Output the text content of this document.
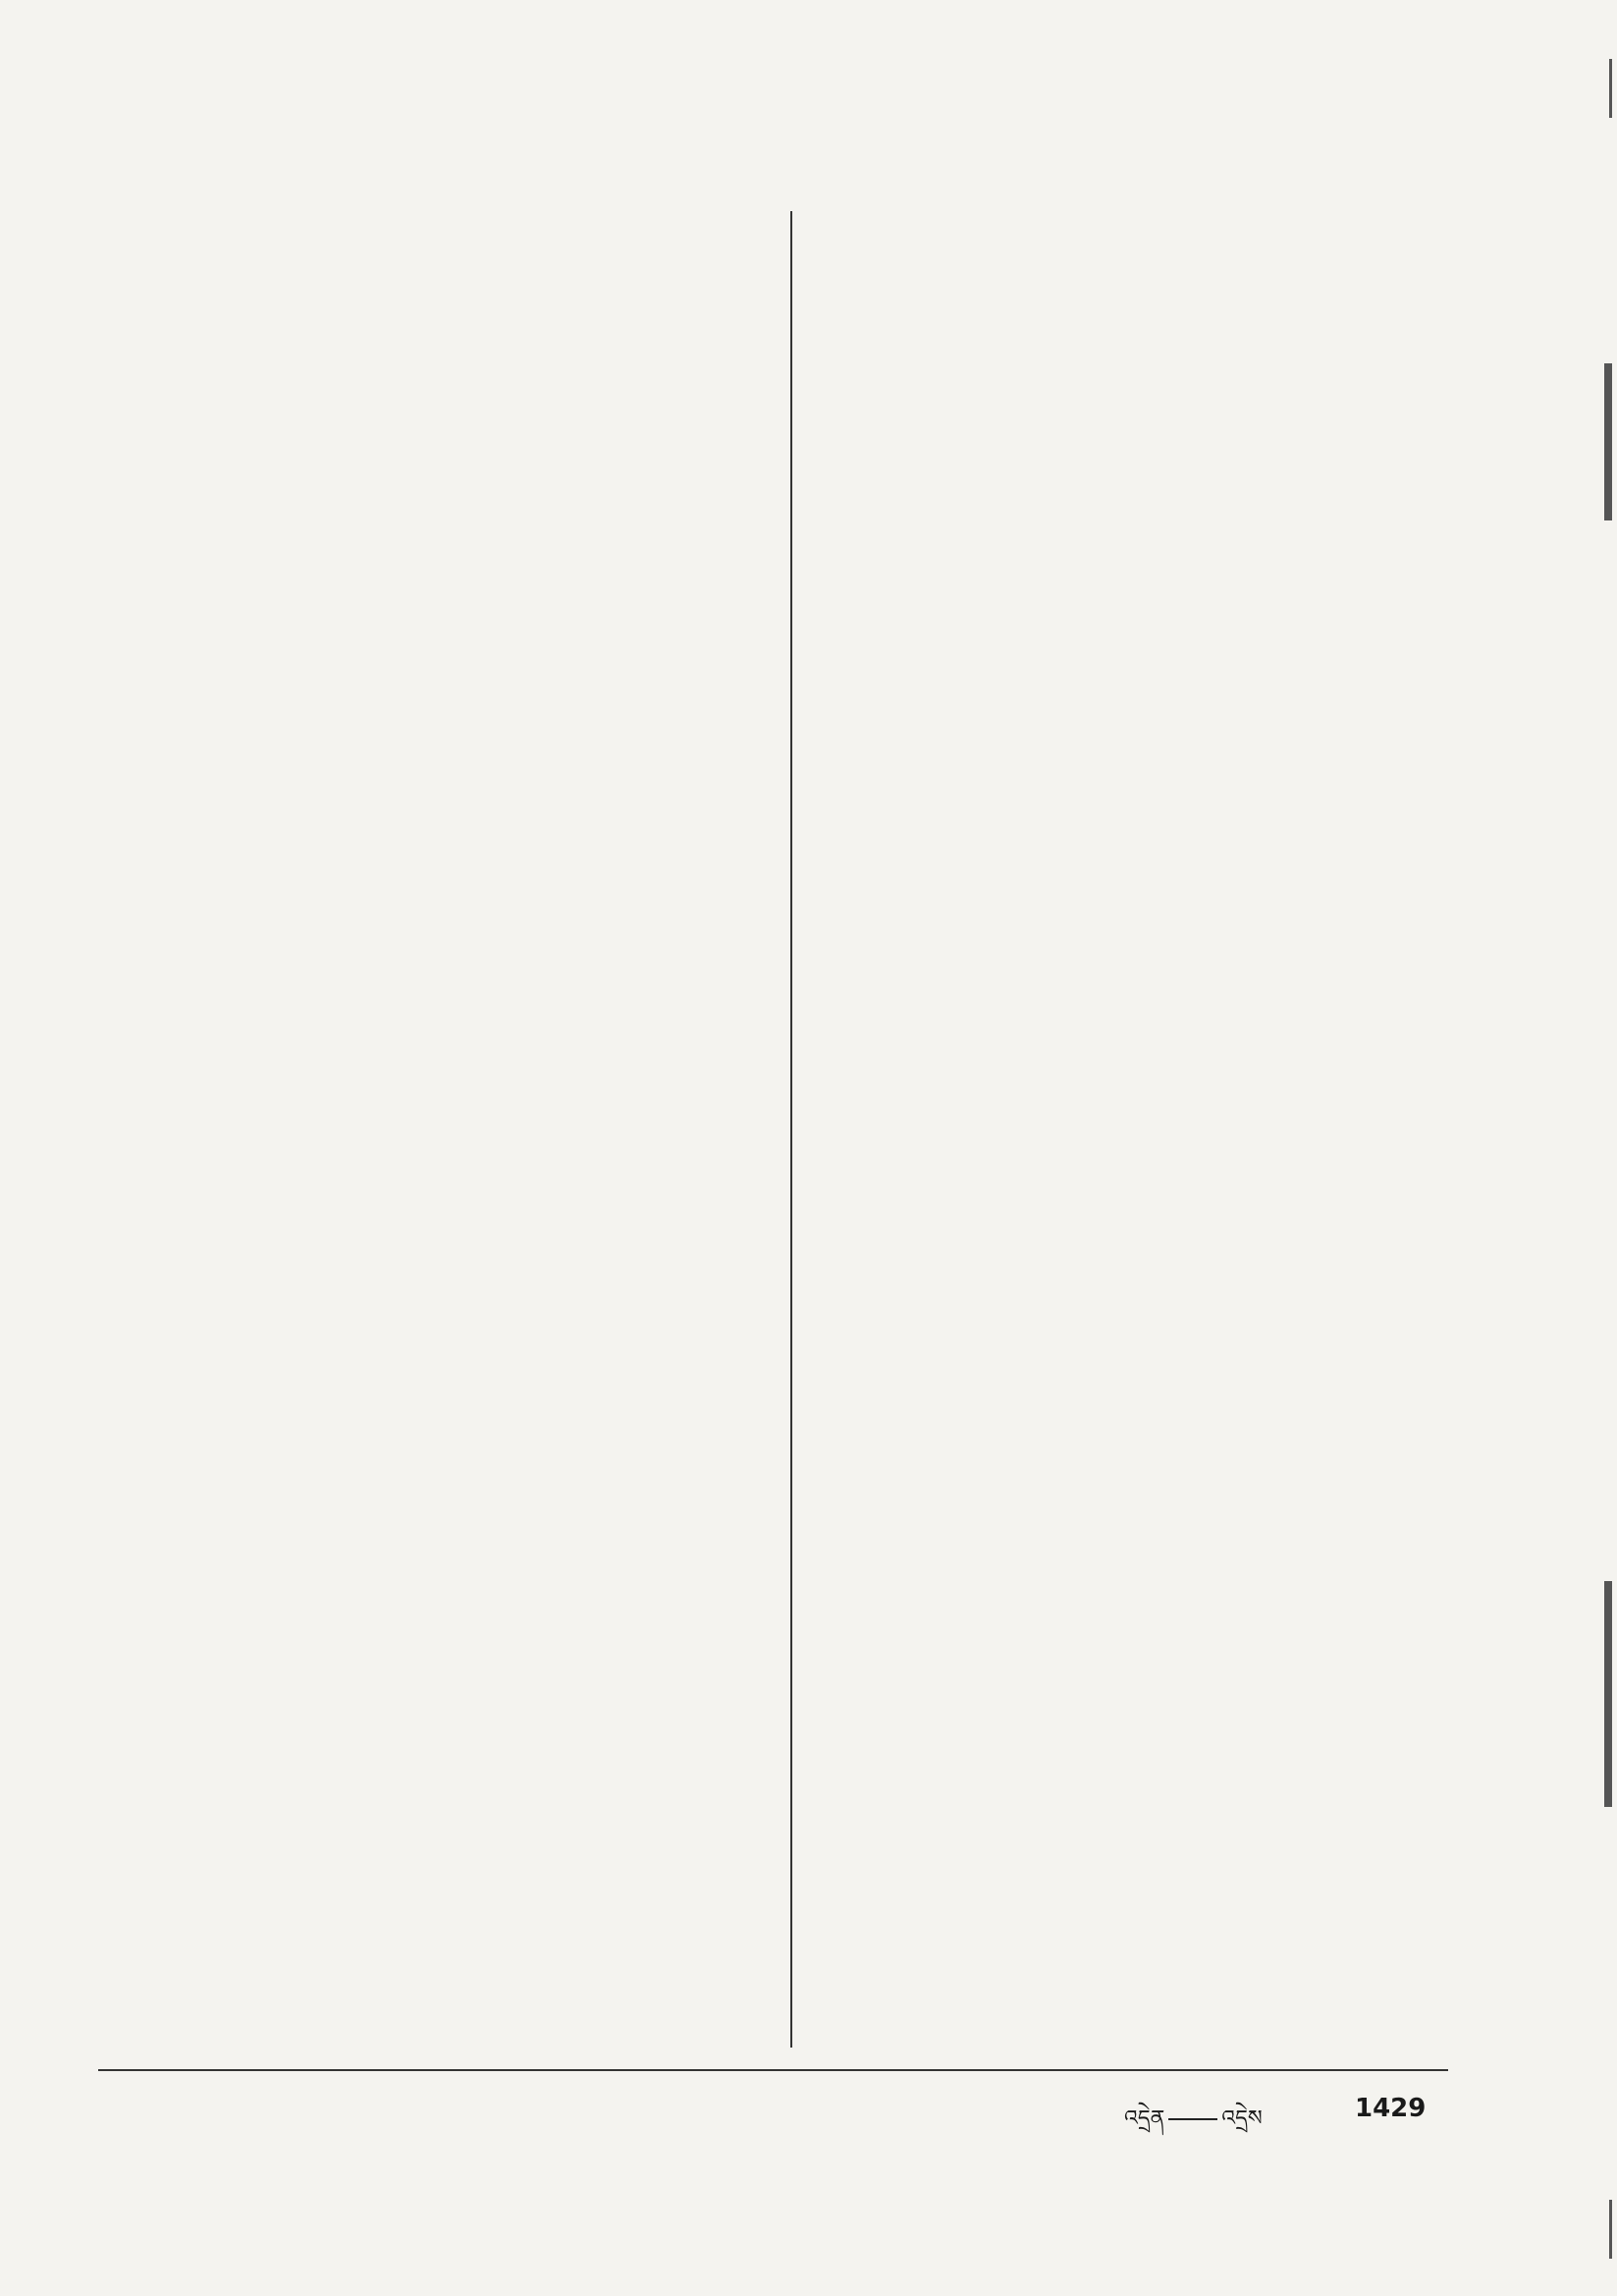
འདྲེན	འདྲེས	1429
